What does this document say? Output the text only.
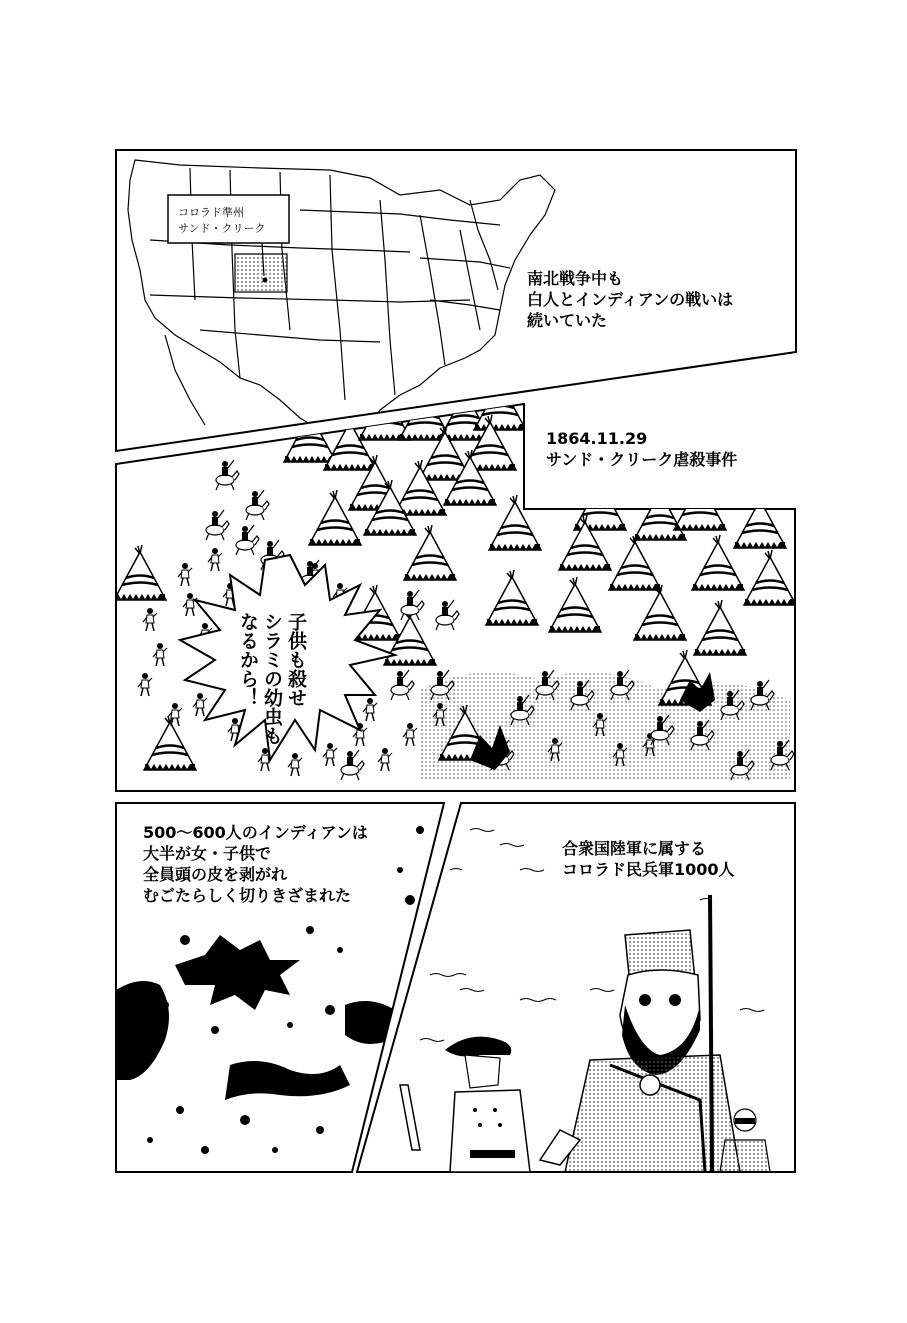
コロラド準州
サンド・クリーク
南北戦争中も
白人とインディアンの戦いは
続いていた
1864.11.29
サンド・クリーク虐殺事件
子供も殺せ
シラミの幼虫も
なるから！
500〜600人のインディアンは
大半が女・子供で
全員頭の皮を剥がれ
むごたらしく切りきざまれた
合衆国陸軍に属する
コロラド民兵軍1000人
